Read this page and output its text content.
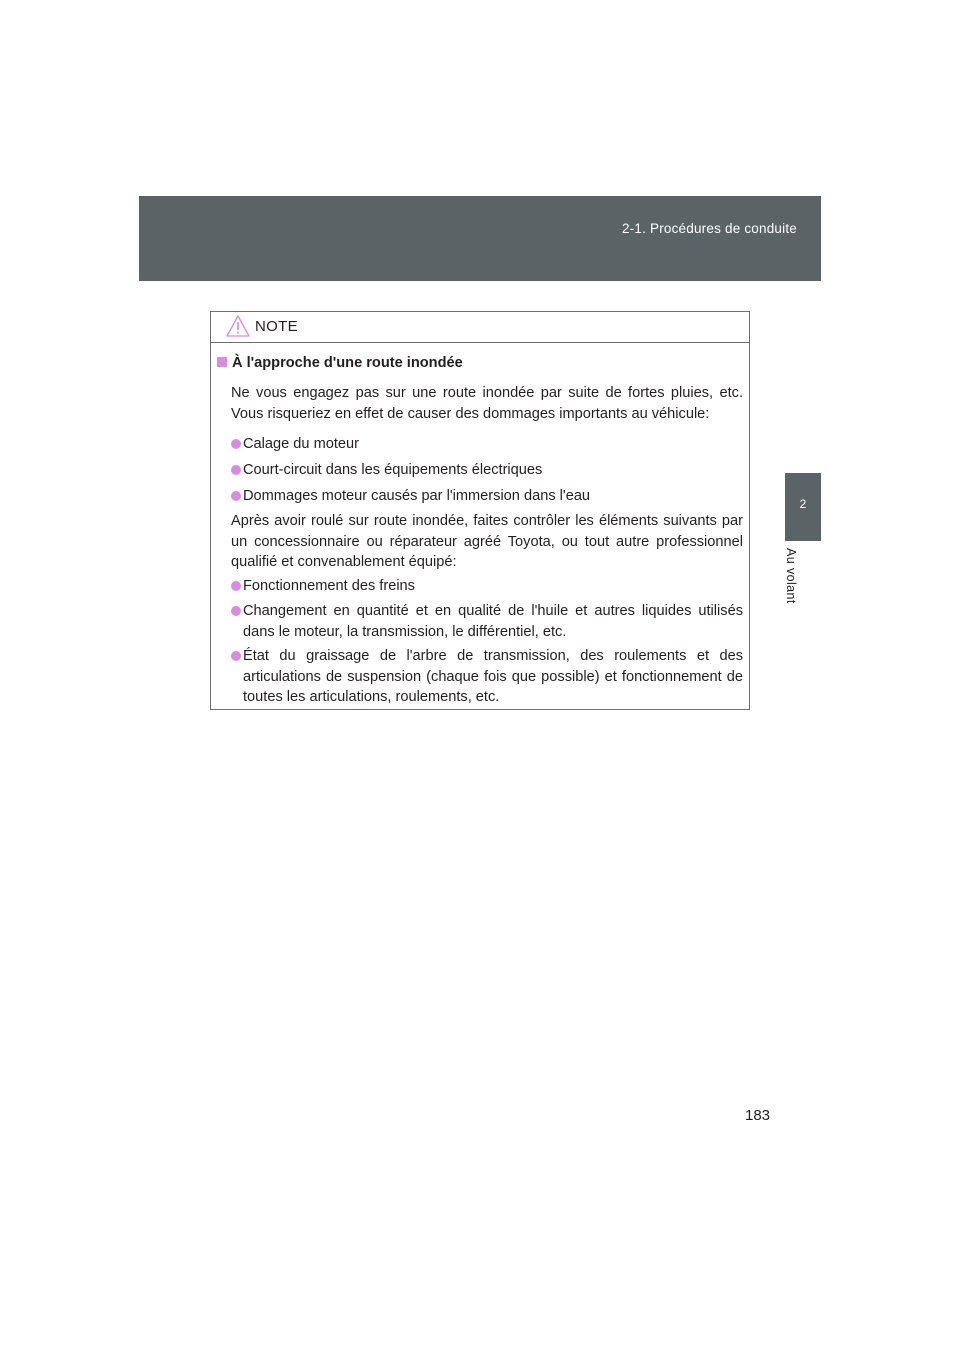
2-1. Procédures de conduite
2
Au volant
NOTE
À l'approche d'une route inondée
Ne vous engagez pas sur une route inondée par suite de fortes pluies, etc. Vous risqueriez en effet de causer des dommages importants au véhicule:
Calage du moteur
Court-circuit dans les équipements électriques
Dommages moteur causés par l'immersion dans l'eau
Après avoir roulé sur route inondée, faites contrôler les éléments suivants par un concessionnaire ou réparateur agréé Toyota, ou tout autre professionnel qualifié et convenablement équipé:
Fonctionnement des freins
Changement en quantité et en qualité de l'huile et autres liquides utilisés dans le moteur, la transmission, le différentiel, etc.
État du graissage de l'arbre de transmission, des roulements et des articulations de suspension (chaque fois que possible) et fonctionnement de toutes les articulations, roulements, etc.
183
